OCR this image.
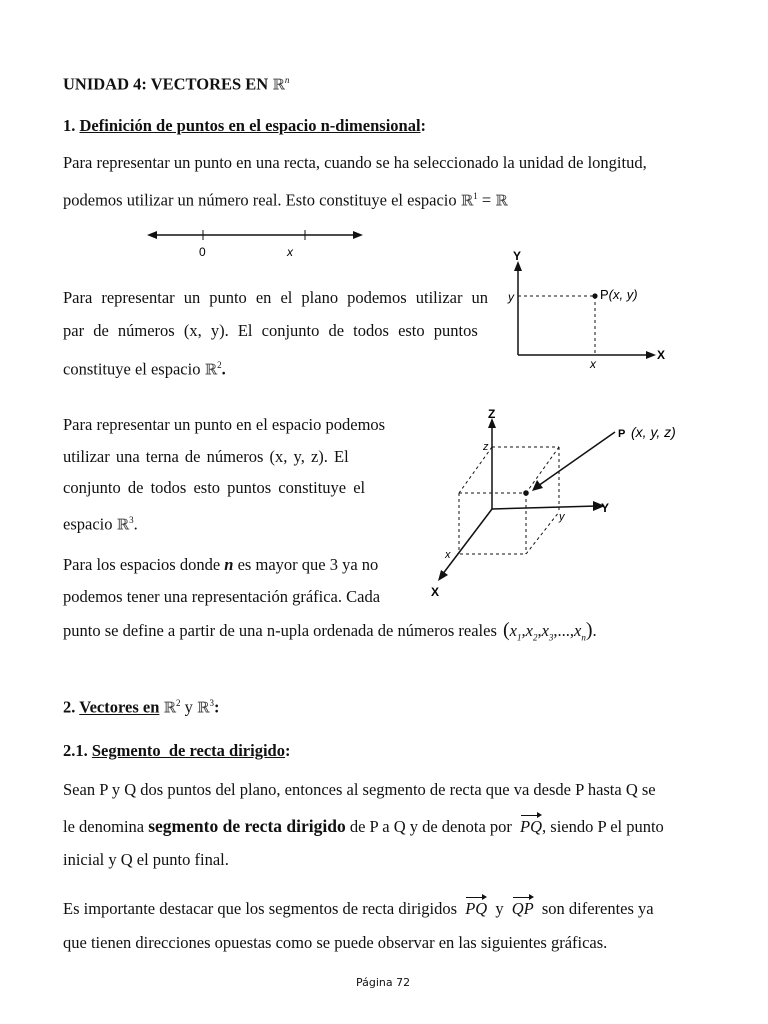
UNIDAD 4: VECTORES EN ℝ$^n$
1. Definición de puntos en el espacio n-dimensional:
Para representar un punto en una recta, cuando se ha seleccionado la unidad de longitud,
podemos utilizar un número real. Esto constituye el espacio ℝ$^1$ = ℝ
0	x	Y
X
y
x
P(x, y)
Para representar un punto en el plano podemos utilizar un
par de números (x, y). El conjunto de todos esto puntos
constituye el espacio ℝ$^2$.
Z
Y
X
z
y
x
P (x, y, z)
Para representar un punto en el espacio podemos
utilizar una terna de números (x, y, z). El
conjunto de todos esto puntos constituye el
espacio ℝ$^3$.
Para los espacios donde n es mayor que 3 ya no
podemos tener una representación gráfica. Cada
punto se define a partir de una n-upla ordenada de números reales $(x_1,x_2,x_3,...,x_n)$.
2. Vectores en ℝ$^2$ y ℝ$^3$:
2.1. Segmento  de recta dirigido:
Sean P y Q dos puntos del plano, entonces al segmento de recta que va desde P hasta Q se
le denomina segmento de recta dirigido de P a Q y de denota por PQ, siendo P el punto
inicial y Q el punto final.
Es importante destacar que los segmentos de recta dirigidos PQ y QP son diferentes ya
que tienen direcciones opuestas como se puede observar en las siguientes gráficas.
Página 72
